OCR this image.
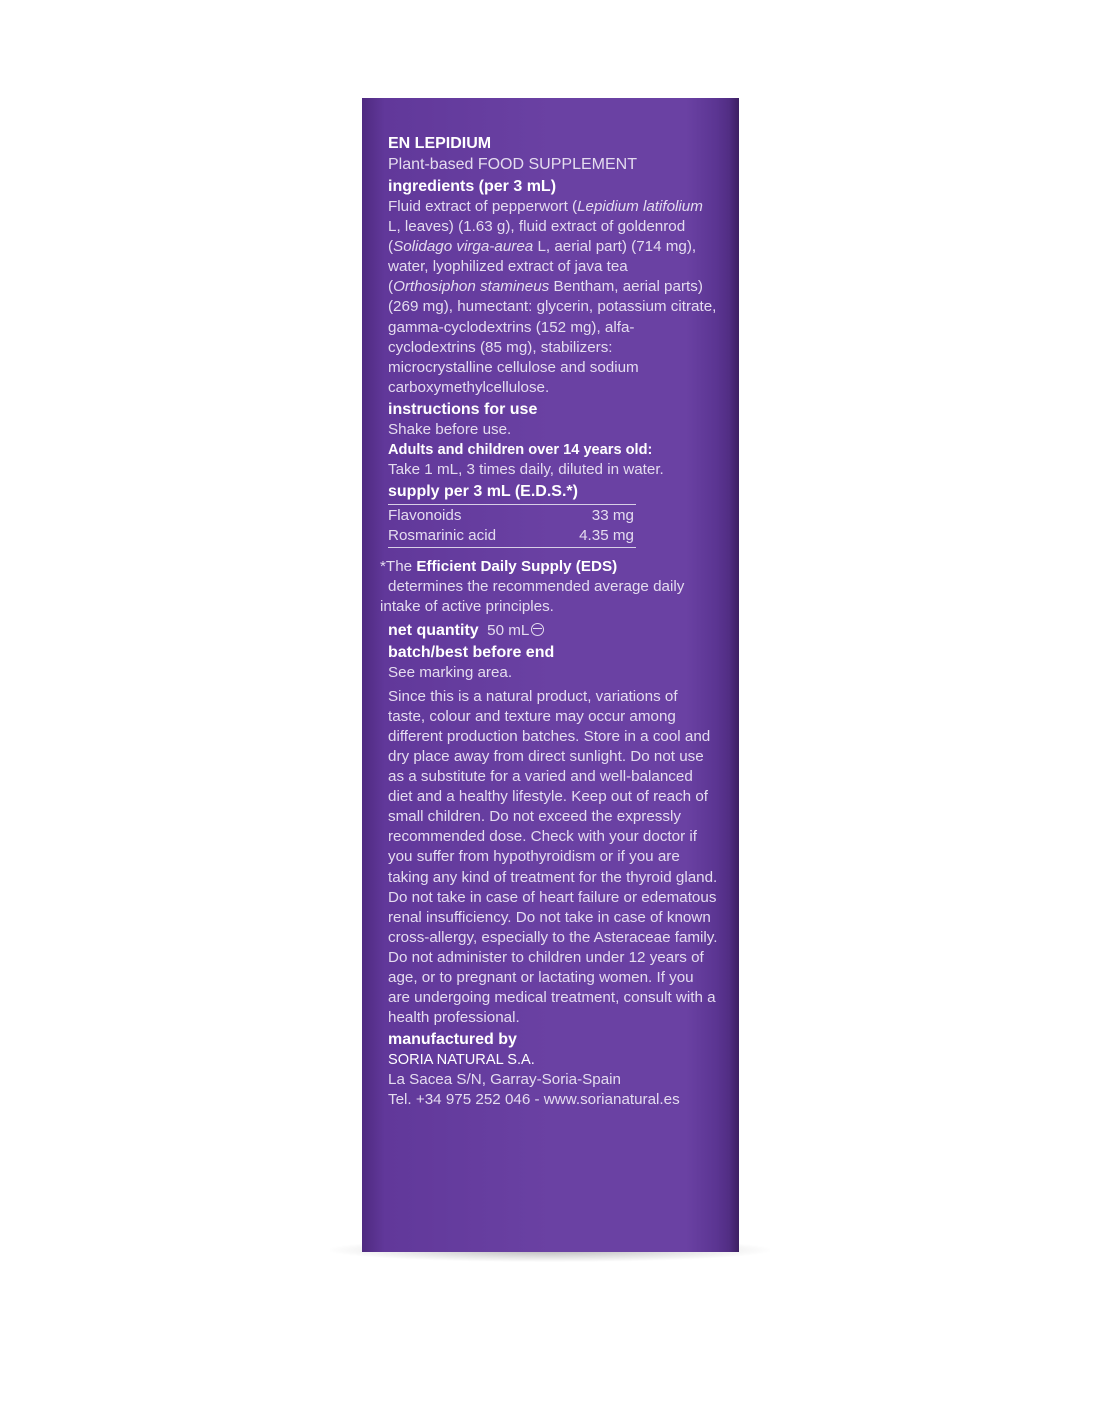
EN LEPIDIUM
Plant-based FOOD SUPPLEMENT
ingredients (per 3 mL)
Fluid extract of pepperwort (Lepidium latifolium L, leaves) (1.63 g), fluid extract of goldenrod (Solidago virga-aurea L, aerial part) (714 mg), water, lyophilized extract of java tea (Orthosiphon stamineus Bentham, aerial parts) (269 mg), humectant: glycerin, potassium citrate, gamma-cyclodextrins (152 mg), alfa-cyclodextrins (85 mg), stabilizers: microcrystalline cellulose and sodium carboxymethylcellulose.
instructions for use
Shake before use.
Adults and children over 14 years old:
Take 1 mL, 3 times daily, diluted in water.
supply per 3 mL (E.D.S.*)
Flavonoids	33 mg
Rosmarinic acid	4.35 mg
*The Efficient Daily Supply (EDS)
determines the recommended average daily intake of active principles.
net quantity 50 mL
batch/best before end
See marking area.
Since this is a natural product, variations of taste, colour and texture may occur among different production batches. Store in a cool and dry place away from direct sunlight. Do not use as a substitute for a varied and well-balanced diet and a healthy lifestyle. Keep out of reach of small children. Do not exceed the expressly recommended dose. Check with your doctor if you suffer from hypothyroidism or if you are taking any kind of treatment for the thyroid gland. Do not take in case of heart failure or edematous renal insufficiency. Do not take in case of known cross-allergy, especially to the Asteraceae family. Do not administer to children under 12 years of age, or to pregnant or lactating women. If you are undergoing medical treatment, consult with a health professional.
manufactured by
SORIA NATURAL S.A.
La Sacea S/N, Garray-Soria-Spain
Tel. +34 975 252 046 - www.sorianatural.es
